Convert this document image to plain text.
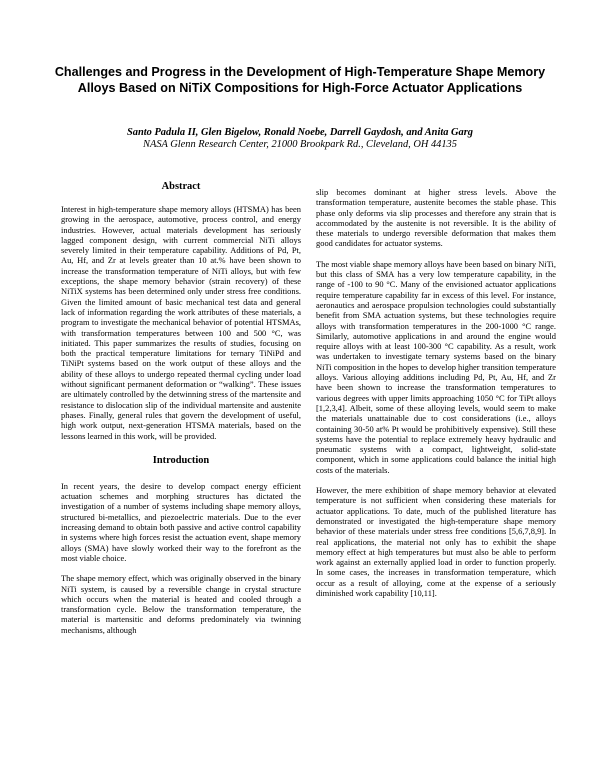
Challenges and Progress in the Development of High-Temperature Shape Memory Alloys Based on NiTiX Compositions for High-Force Actuator Applications
Santo Padula II, Glen Bigelow, Ronald Noebe, Darrell Gaydosh, and Anita Garg
NASA Glenn Research Center, 21000 Brookpark Rd., Cleveland, OH 44135
Abstract

Interest in high-temperature shape memory alloys (HTSMA) has been growing in the aerospace, automotive, process control, and energy industries. However, actual materials development has seriously lagged component design, with current commercial NiTi alloys severely limited in their temperature capability. Additions of Pd, Pt, Au, Hf, and Zr at levels greater than 10 at.% have been shown to increase the transformation temperature of NiTi alloys, but with few exceptions, the shape memory behavior (strain recovery) of these NiTiX systems has been determined only under stress free conditions. Given the limited amount of basic mechanical test data and general lack of information regarding the work attributes of these materials, a program to investigate the mechanical behavior of potential HTSMAs, with transformation temperatures between 100 and 500 °C, was initiated. This paper summarizes the results of studies, focusing on both the practical temperature limitations for ternary TiNiPd and TiNiPt systems based on the work output of these alloys and the ability of these alloys to undergo repeated thermal cycling under load without significant permanent deformation or “walking”. These issues are ultimately controlled by the detwinning stress of the martensite and resistance to dislocation slip of the individual martensite and austenite phases. Finally, general rules that govern the development of useful, high work output, next-generation HTSMA materials, based on the lessons learned in this work, will be provided.

Introduction

In recent years, the desire to develop compact energy efficient actuation schemes and morphing structures has dictated the investigation of a number of systems including shape memory alloys, structured bi-metallics, and piezoelectric materials. Due to the ever increasing demand to obtain both passive and active control capability in systems where high forces resist the actuation event, shape memory alloys (SMA) have slowly worked their way to the forefront as the most viable choice.

The shape memory effect, which was originally observed in the binary NiTi system, is caused by a reversible change in crystal structure which occurs when the material is heated and cooled through a transformation cycle. Below the transformation temperature, the material is martensitic and deforms predominately via twinning mechanisms, although

slip becomes dominant at higher stress levels. Above the transformation temperature, austenite becomes the stable phase. This phase only deforms via slip processes and therefore any strain that is accommodated by the austenite is not reversible. It is the ability of these materials to undergo reversible deformation that makes them good candidates for actuator systems.

The most viable shape memory alloys have been based on binary NiTi, but this class of SMA has a very low temperature capability, in the range of -100 to 90 °C. Many of the envisioned actuator applications require temperature capability far in excess of this level. For instance, aeronautics and aerospace propulsion technologies could substantially benefit from SMA actuation systems, but these technologies require alloys with transformation temperatures in the 200-1000 °C range. Similarly, automotive applications in and around the engine would require alloys with at least 100-300 °C capability. As a result, work was undertaken to investigate ternary systems based on the binary NiTi composition in the hopes to develop higher transition temperature alloys. Various alloying additions including Pd, Pt, Au, Hf, and Zr have been shown to increase the transformation temperatures to various degrees with upper limits approaching 1050 °C for TiPt alloys [1,2,3,4]. Albeit, some of these alloying levels, would seem to make the materials unattainable due to cost considerations (i.e., alloys containing 30-50 at% Pt would be prohibitively expensive). Still these systems have the potential to replace extremely heavy hydraulic and pneumatic systems with a compact, lightweight, solid-state component, which in some applications could balance the initial high costs of the materials.

However, the mere exhibition of shape memory behavior at elevated temperature is not sufficient when considering these materials for actuator applications. To date, much of the published literature has demonstrated or investigated the high-temperature shape memory behavior of these materials under stress free conditions [5,6,7,8,9]. In real applications, the material not only has to exhibit the shape memory effect at high temperatures but must also be able to perform work against an externally applied load in order to function properly. In some cases, the increases in transformation temperature, which occur as a result of alloying, come at the expense of a seriously diminished work capability [10,11].
